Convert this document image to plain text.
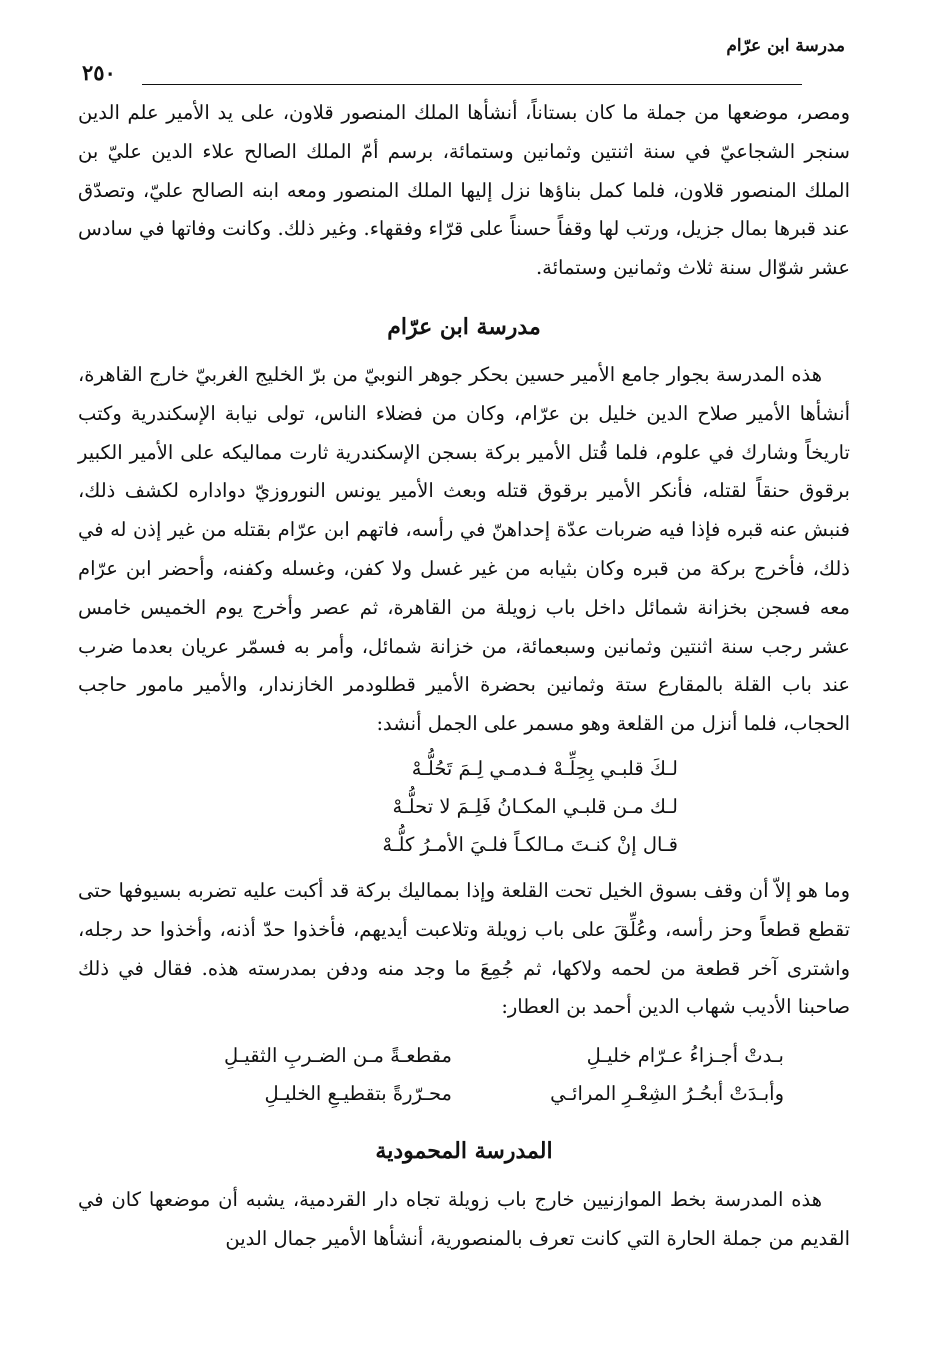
مدرسة ابن عرّام
٢٥٠

ومصر، موضعها من جملة ما كان بستاناً، أنشأها الملك المنصور قلاون، على يد الأمير علم الدين سنجر الشجاعيّ في سنة اثنتين وثمانين وستمائة، برسم أمّ الملك الصالح علاء الدين عليّ بن الملك المنصور قلاون، فلما كمل بناؤها نزل إليها الملك المنصور ومعه ابنه الصالح عليّ، وتصدّق عند قبرها بمال جزيل، ورتب لها وقفاً حسناً على قرّاء وفقهاء. وغير ذلك. وكانت وفاتها في سادس عشر شوّال سنة ثلاث وثمانين وستمائة.

مدرسة ابن عرّام

هذه المدرسة بجوار جامع الأمير حسين بحكر جوهر النوبيّ من برّ الخليج الغربيّ خارج القاهرة، أنشأها الأمير صلاح الدين خليل بن عرّام، وكان من فضلاء الناس، تولى نيابة الإسكندرية وكتب تاريخاً وشارك في علوم، فلما قُتل الأمير بركة بسجن الإسكندرية ثارت مماليكه على الأمير الكبير برقوق حنقاً لقتله، فأنكر الأمير برقوق قتله وبعث الأمير يونس النوروزيّ دواداره لكشف ذلك، فنبش عنه قبره فإذا فيه ضربات عدّة إحداهنّ في رأسه، فاتهم ابن عرّام بقتله من غير إذن له في ذلك، فأخرج بركة من قبره وكان بثيابه من غير غسل ولا كفن، وغسله وكفنه، وأحضر ابن عرّام معه فسجن بخزانة شمائل داخل باب زويلة من القاهرة، ثم عصر وأخرج يوم الخميس خامس عشر رجب سنة اثنتين وثمانين وسبعمائة، من خزانة شمائل، وأمر به فسمّر عريان بعدما ضرب عند باب القلة بالمقارع ستة وثمانين بحضرة الأمير قطلودمر الخازندار، والأمير مامور حاجب الحجاب، فلما أنزل من القلعة وهو مسمر على الجمل أنشد:

لـكَ قلبـي بِحِلِّـهْ فـدمـي لِـمَ تَحُلُّـهْ
لـك مـن قلبـي المكـانُ فَلِـمَ لا تحلُّـهْ
قـال إنْ كنـتَ مـالكـاً فلـيَ الأمـرُ كلُّـهْ

وما هو إلاّ أن وقف بسوق الخيل تحت القلعة وإذا بمماليك بركة قد أكبت عليه تضربه بسيوفها حتى تقطع قطعاً وحز رأسه، وعُلِّقَ على باب زويلة وتلاعبت أيديهم، فأخذوا حدّ أذنه، وأخذوا حد رجله، واشترى آخر قطعة من لحمه ولاكها، ثم جُمِعَ ما وجد منه ودفن بمدرسته هذه. فقال في ذلك صاحبنا الأديب شهاب الدين أحمد بن العطار:

بـدتْ أجـزاءُ عـرّام خليـلِ
مقطعـةً مـن الضـربِ الثقيـلِ
وأبـدَتْ أبحُـرُ الشِعْـرِ المرائـي
محـرّرةً بتقطيـعِ الخليـلِ
المدرسة المحمودية

هذه المدرسة بخط الموازنيين خارج باب زويلة تجاه دار القردمية، يشبه أن موضعها كان في القديم من جملة الحارة التي كانت تعرف بالمنصورية، أنشأها الأمير جمال الدين
